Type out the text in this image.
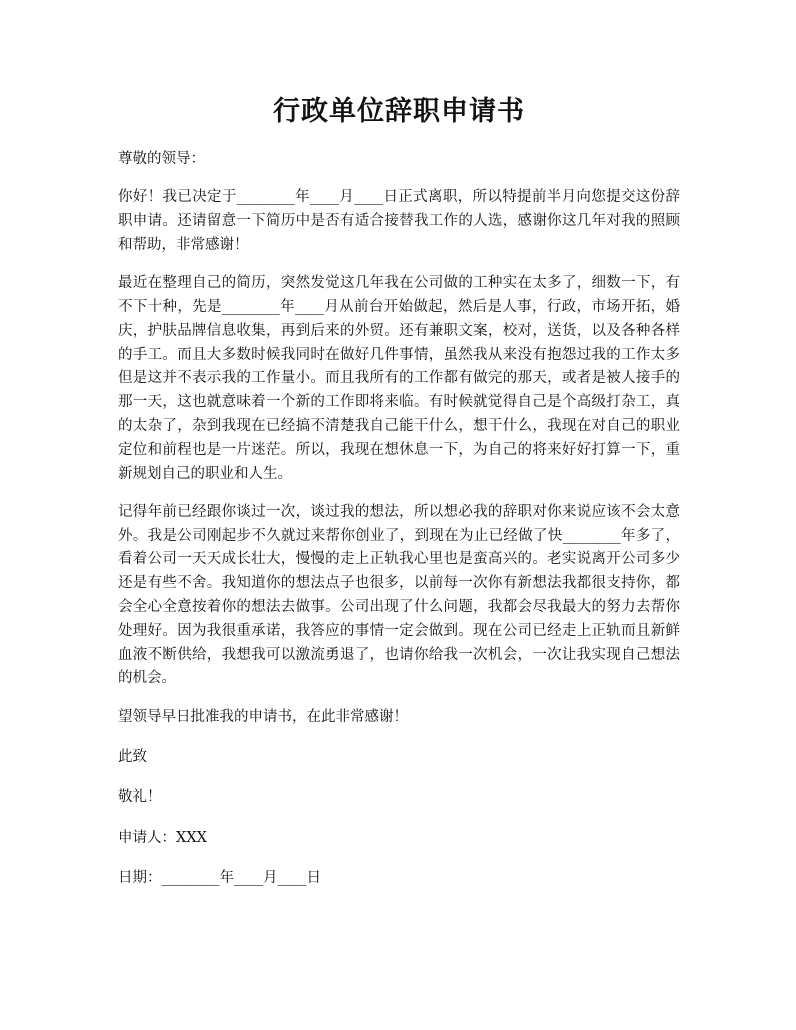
行政单位辞职申请书

尊敬的领导：

你好！我已决定于________年____月____日正式离职，所以特提前半月向您提交这份辞职申请。还请留意一下简历中是否有适合接替我工作的人选，感谢你这几年对我的照顾和帮助，非常感谢！

最近在整理自己的简历，突然发觉这几年我在公司做的工种实在太多了，细数一下，有不下十种，先是________年____月从前台开始做起，然后是人事，行政，市场开拓，婚庆，护肤品牌信息收集，再到后来的外贸。还有兼职文案，校对，送货，以及各种各样的手工。而且大多数时候我同时在做好几件事情，虽然我从来没有抱怨过我的工作太多但是这并不表示我的工作量小。而且我所有的工作都有做完的那天，或者是被人接手的那一天，这也就意味着一个新的工作即将来临。有时候就觉得自己是个高级打杂工，真的太杂了，杂到我现在已经搞不清楚我自己能干什么，想干什么，我现在对自己的职业定位和前程也是一片迷茫。所以，我现在想休息一下，为自己的将来好好打算一下，重新规划自己的职业和人生。

记得年前已经跟你谈过一次，谈过我的想法，所以想必我的辞职对你来说应该不会太意外。我是公司刚起步不久就过来帮你创业了，到现在为止已经做了快________年多了，看着公司一天天成长壮大，慢慢的走上正轨我心里也是蛮高兴的。老实说离开公司多少还是有些不舍。我知道你的想法点子也很多，以前每一次你有新想法我都很支持你，都会全心全意按着你的想法去做事。公司出现了什么问题，我都会尽我最大的努力去帮你处理好。因为我很重承诺，我答应的事情一定会做到。现在公司已经走上正轨而且新鲜血液不断供给，我想我可以激流勇退了，也请你给我一次机会，一次让我实现自己想法的机会。

望领导早日批准我的申请书，在此非常感谢！

此致

敬礼！

申请人：XXX

日期：________年____月____日
